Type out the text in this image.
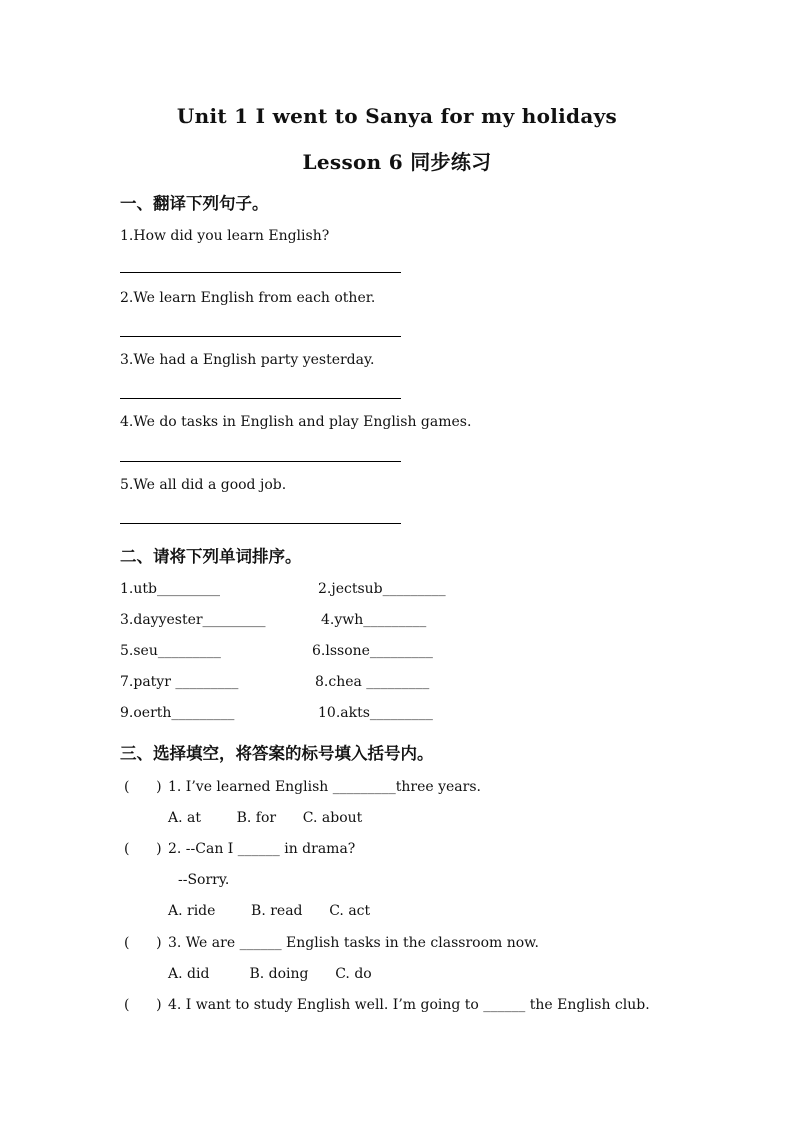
Unit 1 I went to Sanya for my holidays
Lesson 6 同步练习
一、翻译下列句子。
1.How did you learn English?
2.We learn English from each other.
3.We had a English party yesterday.
4.We do tasks in English and play English games.
5.We all did a good job.
二、请将下列单词排序。
1.utb_________	2.jectsub_________
3.dayyester_________	4.ywh_________
5.seu_________	6.lssone_________
7.patyr _________	8.chea _________
9.oerth_________	10.akts_________
三、选择填空，将答案的标号填入括号内。
(      ) 1. I’ve learned English _________three years.
A. at        B. for      C. about
(      ) 2. --Can I ______ in drama?
--Sorry.
A. ride        B. read      C. act
(      ) 3. We are ______ English tasks in the classroom now.
A. did         B. doing      C. do
(      ) 4. I want to study English well. I’m going to ______ the English club.
